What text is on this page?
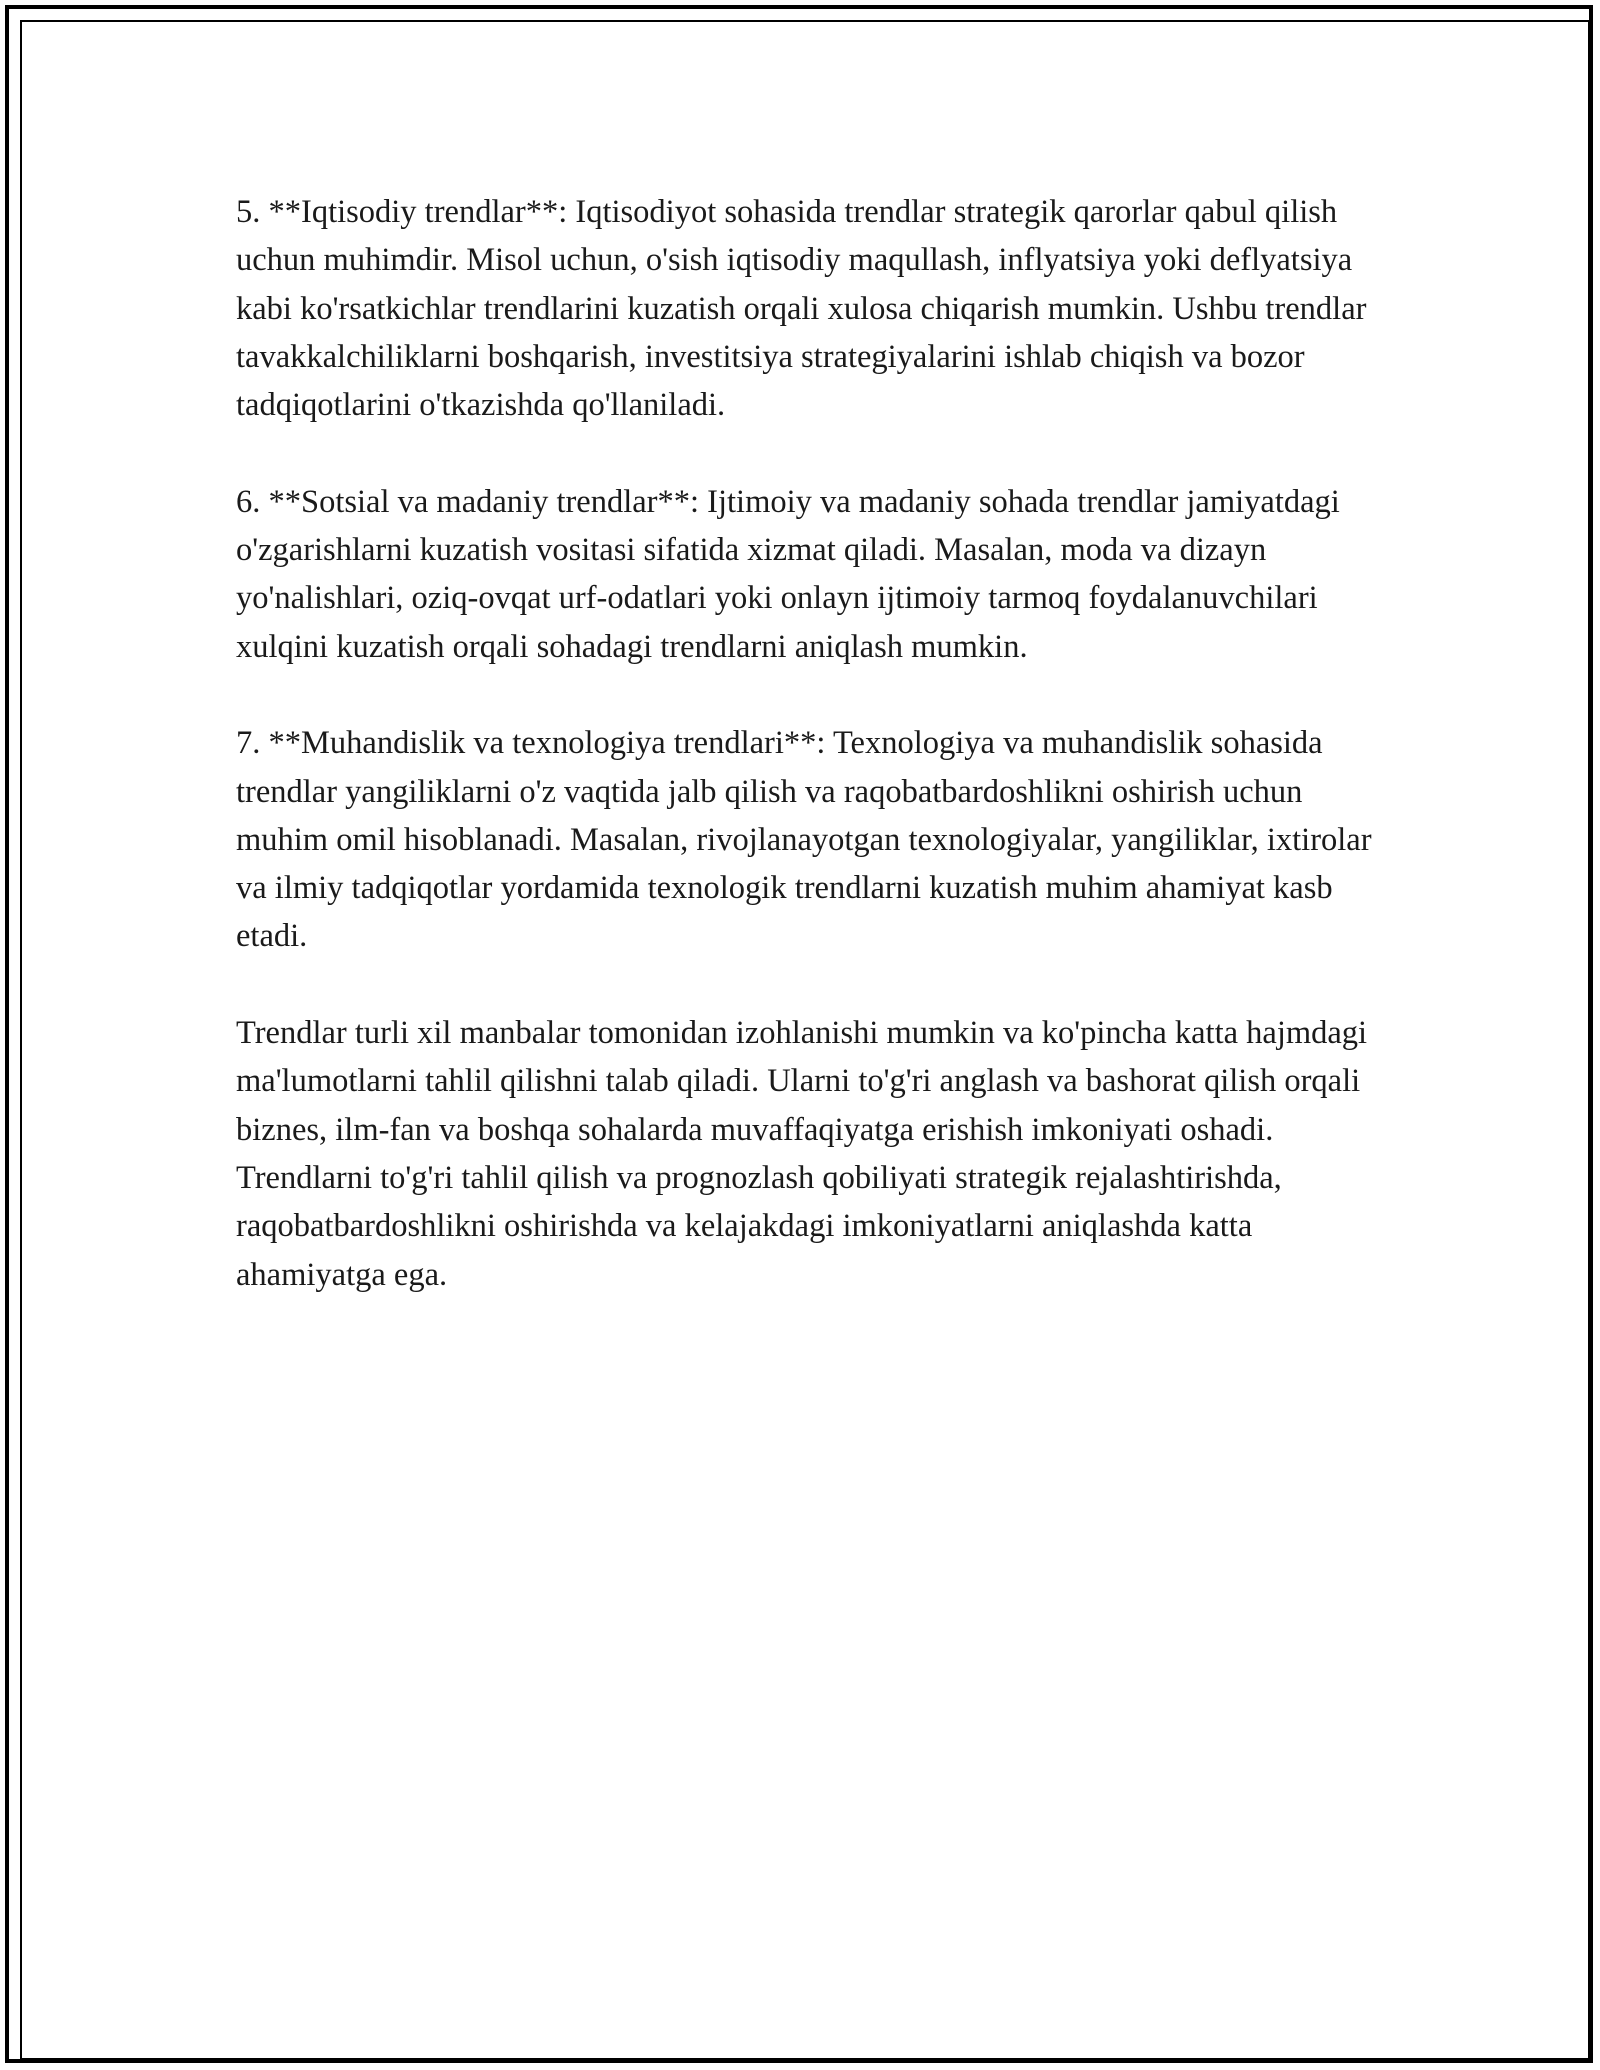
5. **Iqtisodiy trendlar**: Iqtisodiyot sohasida trendlar strategik qarorlar qabul qilish uchun muhimdir. Misol uchun, o'sish iqtisodiy maqullash, inflyatsiya yoki deflyatsiya kabi ko'rsatkichlar trendlarini kuzatish orqali xulosa chiqarish mumkin. Ushbu trendlar tavakkalchiliklarni boshqarish, investitsiya strategiyalarini ishlab chiqish va bozor tadqiqotlarini o'tkazishda qo'llaniladi.

6. **Sotsial va madaniy trendlar**: Ijtimoiy va madaniy sohada trendlar jamiyatdagi o'zgarishlarni kuzatish vositasi sifatida xizmat qiladi. Masalan, moda va dizayn yo'nalishlari, oziq-ovqat urf-odatlari yoki onlayn ijtimoiy tarmoq foydalanuvchilari xulqini kuzatish orqali sohadagi trendlarni aniqlash mumkin.

7. **Muhandislik va texnologiya trendlari**: Texnologiya va muhandislik sohasida trendlar yangiliklarni o'z vaqtida jalb qilish va raqobatbardoshlikni oshirish uchun muhim omil hisoblanadi. Masalan, rivojlanayotgan texnologiyalar, yangiliklar, ixtirolar va ilmiy tadqiqotlar yordamida texnologik trendlarni kuzatish muhim ahamiyat kasb etadi.

Trendlar turli xil manbalar tomonidan izohlanishi mumkin va ko'pincha katta hajmdagi ma'lumotlarni tahlil qilishni talab qiladi. Ularni to'g'ri anglash va bashorat qilish orqali biznes, ilm-fan va boshqa sohalarda muvaffaqiyatga erishish imkoniyati oshadi. Trendlarni to'g'ri tahlil qilish va prognozlash qobiliyati strategik rejalashtirishda, raqobatbardoshlikni oshirishda va kelajakdagi imkoniyatlarni aniqlashda katta ahamiyatga ega.
